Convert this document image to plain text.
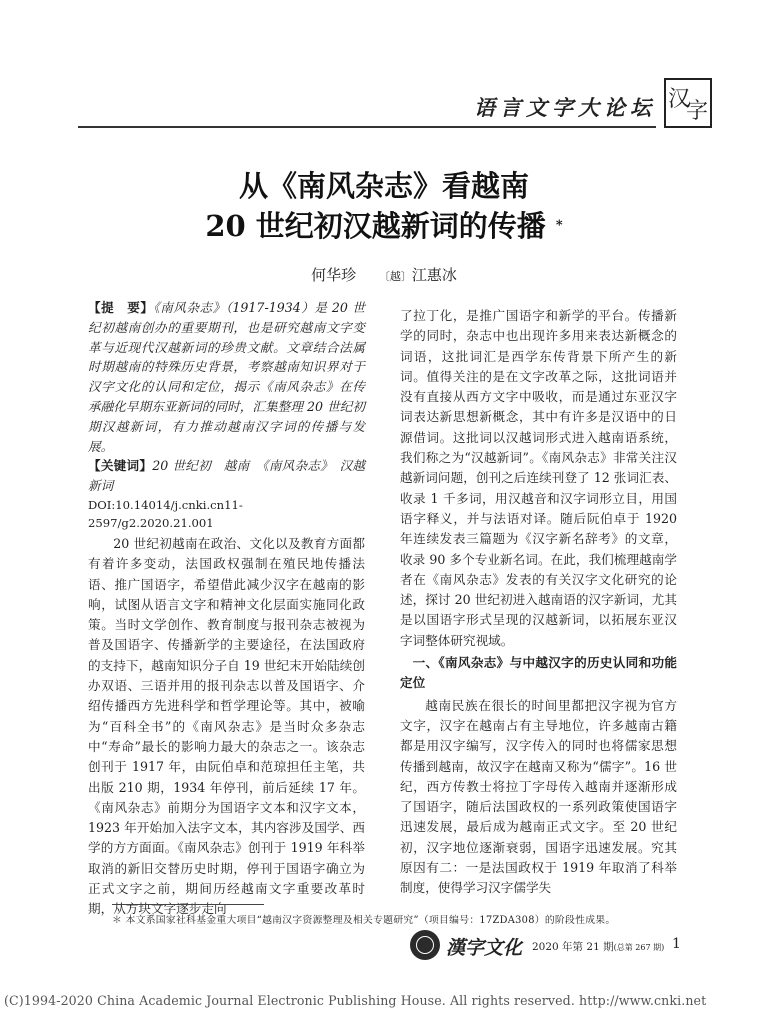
语言文字大论坛 汉
字
从《南风杂志》看越南
20 世纪初汉越新词的传播 *
何华珍 〔越〕江惠冰
【提　要】《南风杂志》（1917-1934）是 20 世纪初越南创办的重要期刊，也是研究越南文字变革与近现代汉越新词的珍贵文献。文章结合法属时期越南的特殊历史背景，考察越南知识界对于汉字文化的认同和定位，揭示《南风杂志》在传承融化早期东亚新词的同时，汇集整理 20 世纪初期汉越新词，有力推动越南汉字词的传播与发展。
【关键词】20 世纪初　越南　《南风杂志》　汉越新词
DOI:10.14014/j.cnki.cn11-2597/g2.2020.21.001

20 世纪初越南在政治、文化以及教育方面都有着许多变动，法国政权强制在殖民地传播法语、推广国语字，希望借此减少汉字在越南的影响，试图从语言文字和精神文化层面实施同化政策。当时文学创作、教育制度与报刊杂志被视为普及国语字、传播新学的主要途径，在法国政府的支持下，越南知识分子自 19 世纪末开始陆续创办双语、三语并用的报刊杂志以普及国语字、介绍传播西方先进科学和哲学理论等。其中，被喻为“百科全书”的《南风杂志》是当时众多杂志中“寿命”最长的影响力最大的杂志之一。该杂志创刊于 1917 年，由阮伯卓和范琼担任主笔，共出版 210 期，1934 年停刊，前后延续 17 年。《南风杂志》前期分为国语字文本和汉字文本，1923 年开始加入法字文本，其内容涉及国学、西学的方方面面。《南风杂志》创刊于 1919 年科举取消的新旧交替历史时期，停刊于国语字确立为正式文字之前，期间历经越南文字重要改革时期，从方块文字逐步走向

了拉丁化，是推广国语字和新学的平台。传播新学的同时，杂志中也出现许多用来表达新概念的词语，这批词汇是西学东传背景下所产生的新词。值得关注的是在文字改革之际，这批词语并没有直接从西方文字中吸收，而是通过东亚汉字词表达新思想新概念，其中有许多是汉语中的日源借词。这批词以汉越词形式进入越南语系统，我们称之为“汉越新词”。《南风杂志》非常关注汉越新词问题，创刊之后连续刊登了 12 张词汇表、收录 1 千多词，用汉越音和汉字词形立目，用国语字释义，并与法语对译。随后阮伯卓于 1920 年连续发表三篇题为《汉字新名辞考》的文章，收录 90 多个专业新名词。在此，我们梳理越南学者在《南风杂志》发表的有关汉字文化研究的论述，探讨 20 世纪初进入越南语的汉字新词，尤其是以国语字形式呈现的汉越新词，以拓展东亚汉字词整体研究视域。

一、《南风杂志》与中越汉字的历史认同和功能定位

越南民族在很长的时间里都把汉字视为官方文字，汉字在越南占有主导地位，许多越南古籍都是用汉字编写，汉字传入的同时也将儒家思想传播到越南，故汉字在越南又称为“儒字”。16 世纪，西方传教士将拉丁字母传入越南并逐渐形成了国语字，随后法国政权的一系列政策使国语字迅速发展，最后成为越南正式文字。至 20 世纪初，汉字地位逐渐衰弱，国语字迅速发展。究其原因有二：一是法国政权于 1919 年取消了科举制度，使得学习汉字儒学失

＊ 本文系国家社科基金重大项目“越南汉字资源整理及相关专题研究”（项目编号：17ZDA308）的阶段性成果。
漢字文化 2020 年第 21 期(总第 267 期) 1
(C)1994-2020 China Academic Journal Electronic Publishing House. All rights reserved. http://www.cnki.net
